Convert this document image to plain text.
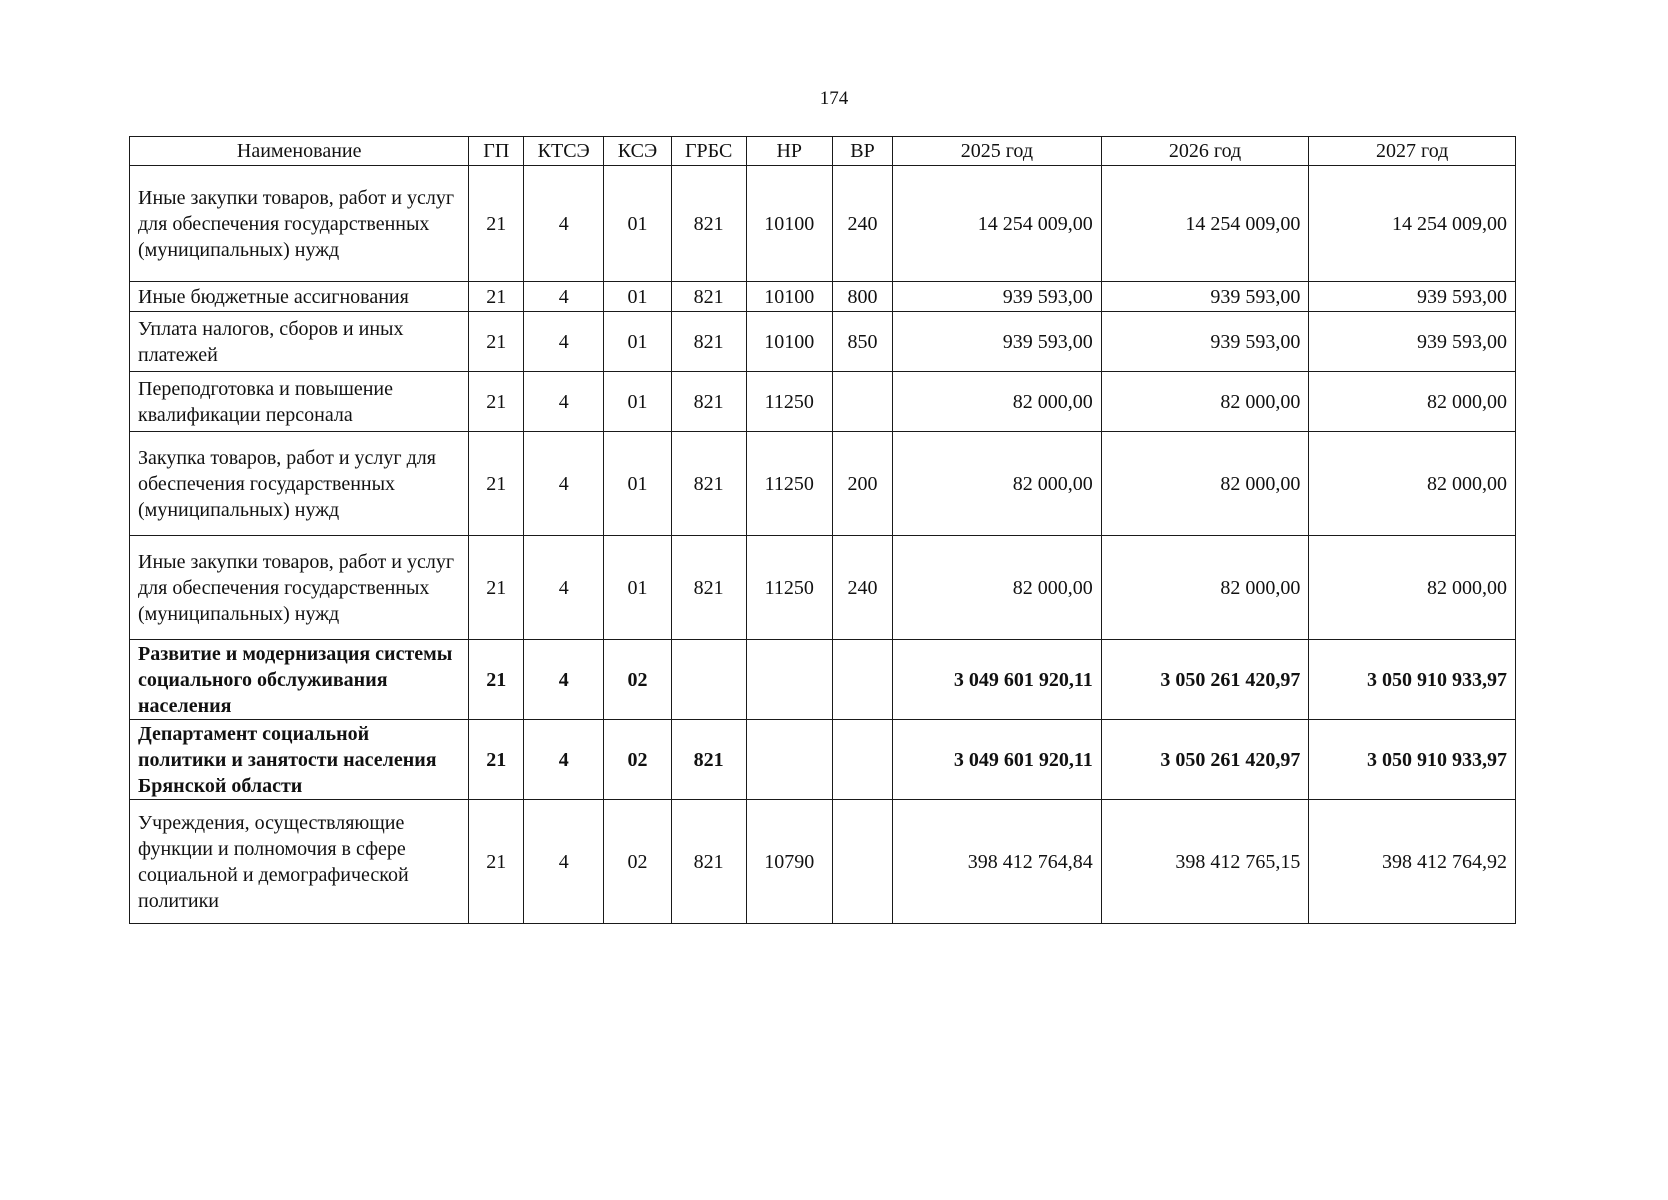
174
Наименование	ГП	КТСЭ	КСЭ	ГРБС	НР	ВР	2025 год	2026 год	2027 год
Иные закупки товаров, работ и услуг для обеспечения государственных (муниципальных) нужд	21	4	01	821	10100	240	14 254 009,00	14 254 009,00	14 254 009,00
Иные бюджетные ассигнования	21	4	01	821	10100	800	939 593,00	939 593,00	939 593,00
Уплата налогов, сборов и иных платежей	21	4	01	821	10100	850	939 593,00	939 593,00	939 593,00
Переподготовка и повышение квалификации персонала	21	4	01	821	11250		82 000,00	82 000,00	82 000,00
Закупка товаров, работ и услуг для обеспечения государственных (муниципальных) нужд	21	4	01	821	11250	200	82 000,00	82 000,00	82 000,00
Иные закупки товаров, работ и услуг для обеспечения государственных (муниципальных) нужд	21	4	01	821	11250	240	82 000,00	82 000,00	82 000,00
Развитие и модернизация системы социального обслуживания населения	21	4	02				3 049 601 920,11	3 050 261 420,97	3 050 910 933,97
Департамент социальной политики и занятости населения Брянской области	21	4	02	821			3 049 601 920,11	3 050 261 420,97	3 050 910 933,97
Учреждения, осуществляющие функции и полномочия в сфере социальной и демографической политики	21	4	02	821	10790		398 412 764,84	398 412 765,15	398 412 764,92
